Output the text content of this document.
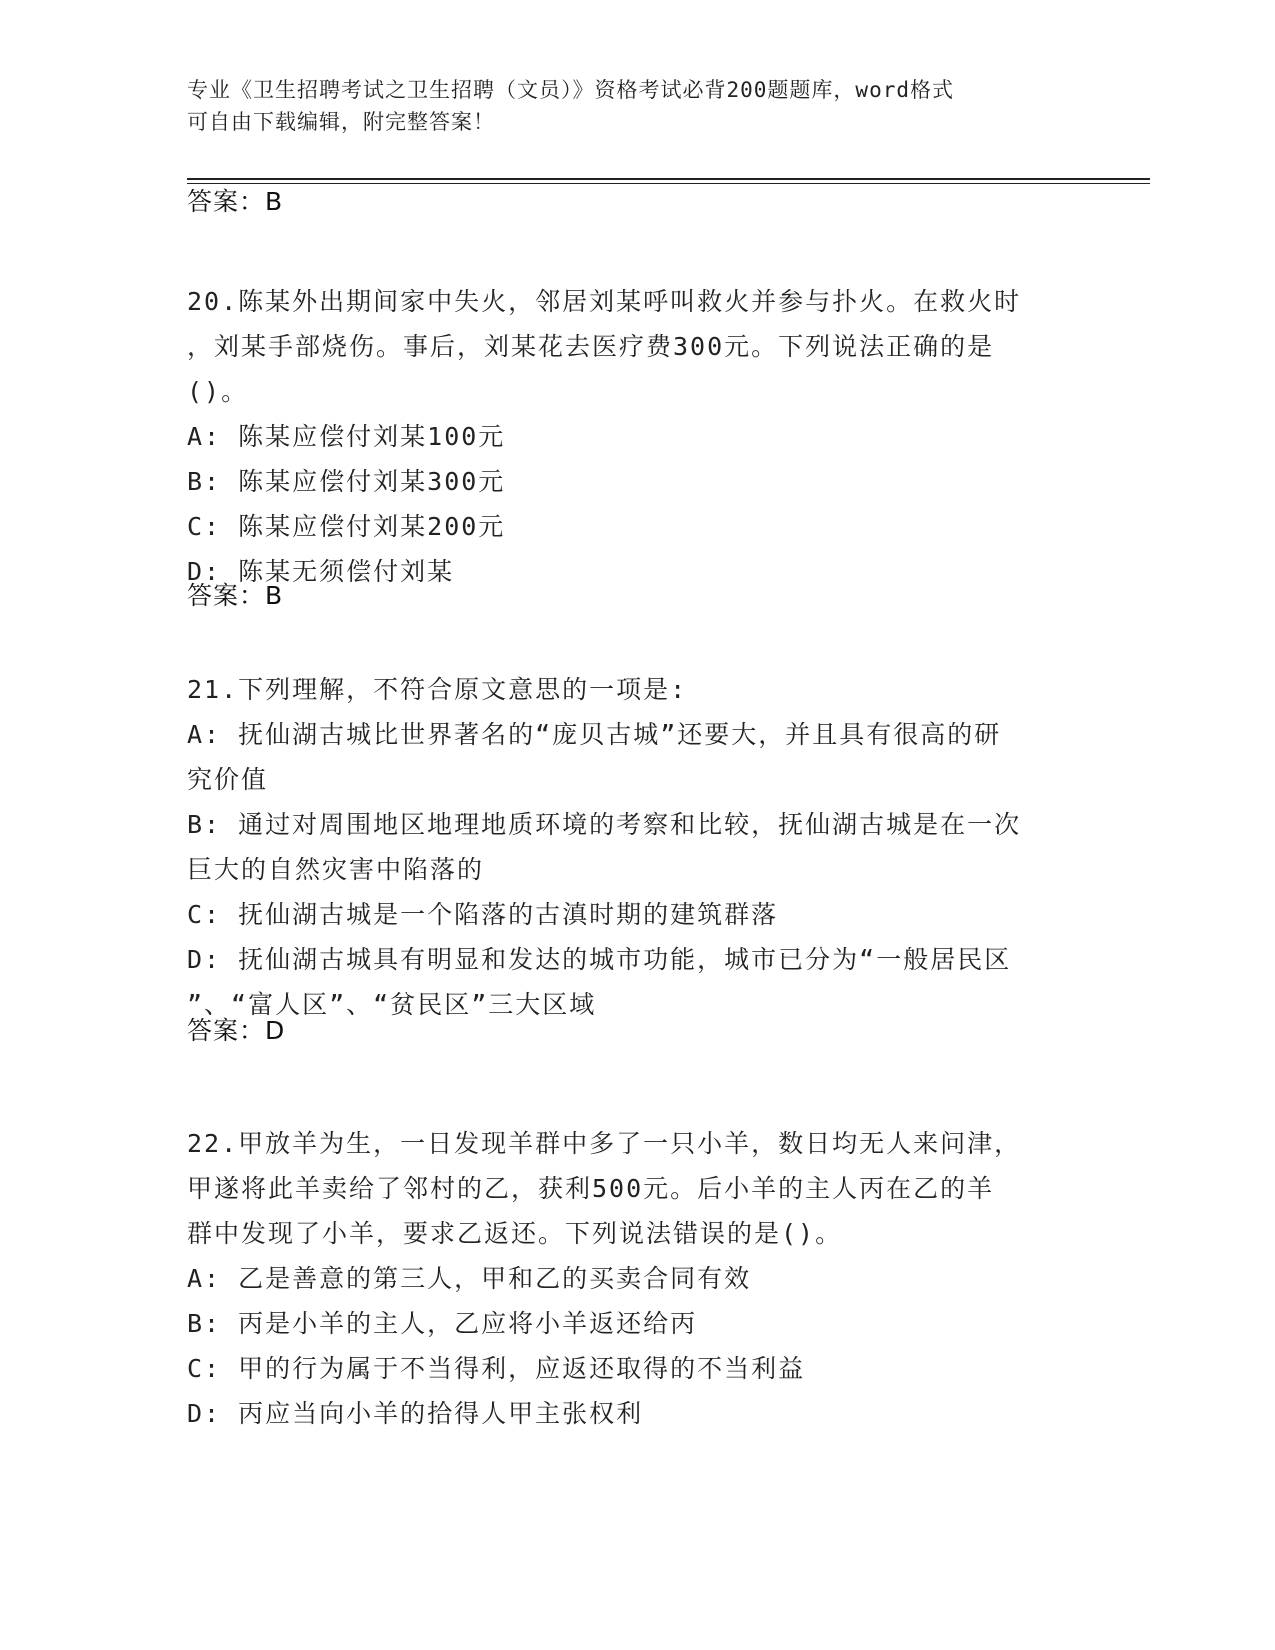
专业《卫生招聘考试之卫生招聘（文员）》资格考试必背200题题库，word格式
可自由下载编辑，附完整答案！
答案：B
20.陈某外出期间家中失火，邻居刘某呼叫救火并参与扑火。在救火时
，刘某手部烧伤。事后，刘某花去医疗费300元。下列说法正确的是
()。
A: 陈某应偿付刘某100元
B: 陈某应偿付刘某300元
C: 陈某应偿付刘某200元
D: 陈某无须偿付刘某
答案：B
21.下列理解，不符合原文意思的一项是:
A: 抚仙湖古城比世界著名的“庞贝古城”还要大，并且具有很高的研
究价值
B: 通过对周围地区地理地质环境的考察和比较，抚仙湖古城是在一次
巨大的自然灾害中陷落的
C: 抚仙湖古城是一个陷落的古滇时期的建筑群落
D: 抚仙湖古城具有明显和发达的城市功能，城市已分为“一般居民区
”、“富人区”、“贫民区”三大区域
答案：D
22.甲放羊为生，一日发现羊群中多了一只小羊，数日均无人来问津，
甲遂将此羊卖给了邻村的乙，获利500元。后小羊的主人丙在乙的羊
群中发现了小羊，要求乙返还。下列说法错误的是()。
A: 乙是善意的第三人，甲和乙的买卖合同有效
B: 丙是小羊的主人，乙应将小羊返还给丙
C: 甲的行为属于不当得利，应返还取得的不当利益
D: 丙应当向小羊的拾得人甲主张权利
